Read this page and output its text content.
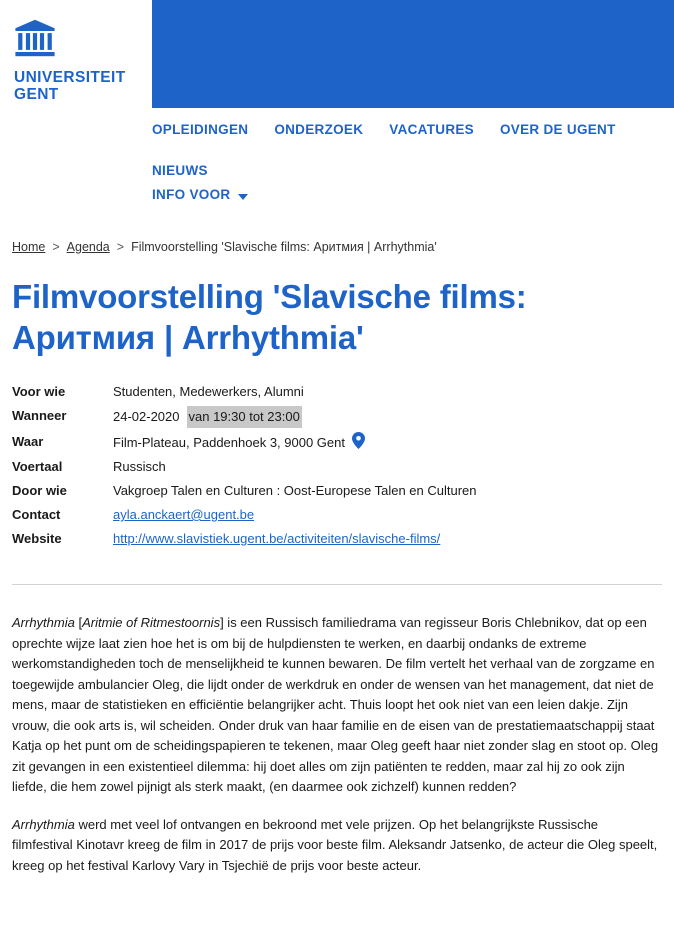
UNIVERSITEIT
GENT
OPLEIDINGEN ONDERZOEK VACATURES OVER DE UGENT
NIEUWS
INFO VOOR
Home > Agenda > Filmvoorstelling 'Slavische films: Аритмия | Arrhythmia'
Filmvoorstelling 'Slavische films: Аритмия | Arrhythmia'
Voor wie	Studenten, Medewerkers, Alumni
Wanneer	24-02-2020 van 19:30 tot 23:00
Waar	Film-Plateau, Paddenhoek 3, 9000 Gent
Voertaal	Russisch
Door wie	Vakgroep Talen en Culturen : Oost-Europese Talen en Culturen
Contact	ayla.anckaert@ugent.be
Website	http://www.slavistiek.ugent.be/activiteiten/slavische-films/

Arrhythmia [Aritmie of Ritmestoornis] is een Russisch familiedrama van regisseur Boris Chlebnikov, dat op een oprechte wijze laat zien hoe het is om bij de hulpdiensten te werken, en daarbij ondanks de extreme werkomstandigheden toch de menselijkheid te kunnen bewaren. De film vertelt het verhaal van de zorgzame en toegewijde ambulancier Oleg, die lijdt onder de werkdruk en onder de wensen van het management, dat niet de mens, maar de statistieken en efficiëntie belangrijker acht. Thuis loopt het ook niet van een leien dakje. Zijn vrouw, die ook arts is, wil scheiden. Onder druk van haar familie en de eisen van de prestatiemaatschappij staat Katja op het punt om de scheidingspapieren te tekenen, maar Oleg geeft haar niet zonder slag en stoot op. Oleg zit gevangen in een existentieel dilemma: hij doet alles om zijn patiënten te redden, maar zal hij zo ook zijn liefde, die hem zowel pijnigt als sterk maakt, (en daarmee ook zichzelf) kunnen redden?

Arrhythmia werd met veel lof ontvangen en bekroond met vele prijzen. Op het belangrijkste Russische filmfestival Kinotavr kreeg de film in 2017 de prijs voor beste film. Aleksandr Jatsenko, de acteur die Oleg speelt, kreeg op het festival Karlovy Vary in Tsjechië de prijs voor beste acteur.
